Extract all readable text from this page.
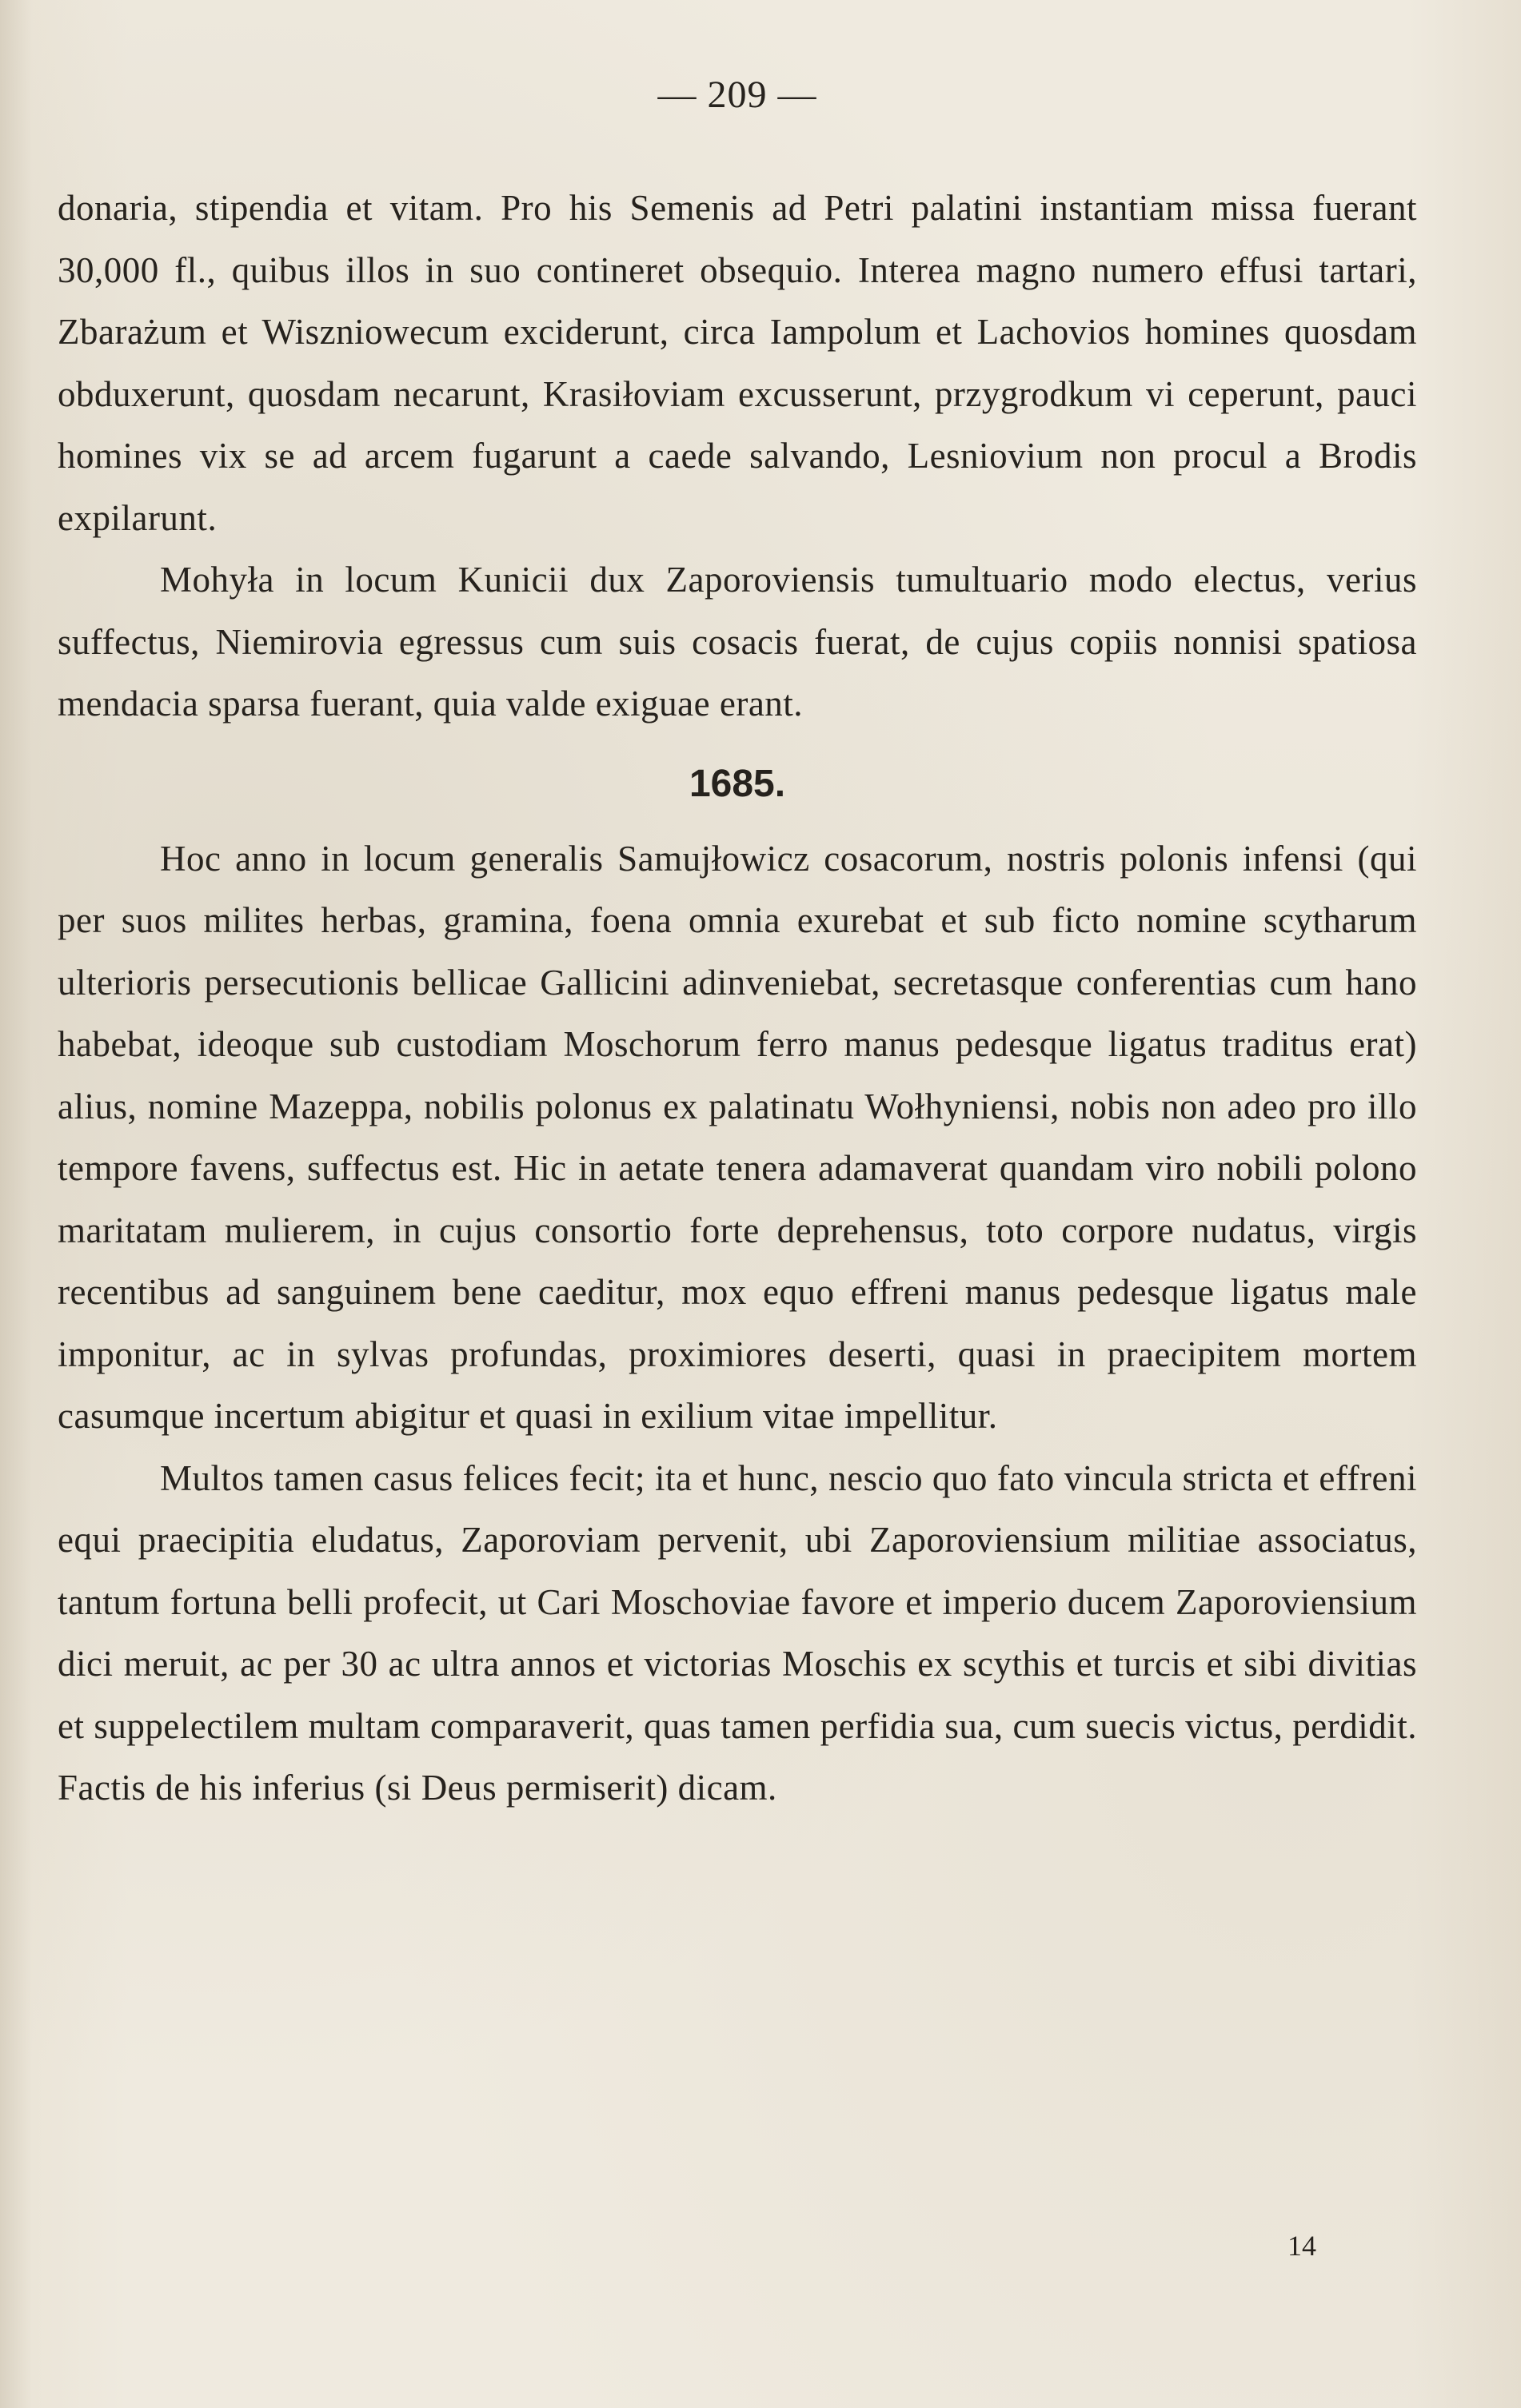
— 209 —

donaria, stipendia et vitam. Pro his Semenis ad Petri palatini instantiam missa fuerant 30,000 fl., quibus illos in suo contineret obsequio. Interea magno numero effusi tartari, Zbarażum et Wiszniowecum exciderunt, circa Iampolum et Lachovios homines quosdam obduxerunt, quosdam necarunt, Krasiłoviam excusserunt, przygrodkum vi ceperunt, pauci homines vix se ad arcem fugarunt a caede salvando, Lesniovium non procul a Brodis expilarunt.

Mohyła in locum Kunicii dux Zaporoviensis tumultuario modo electus, verius suffectus, Niemirovia egressus cum suis cosacis fuerat, de cujus copiis nonnisi spatiosa mendacia sparsa fuerant, quia valde exiguae erant.

1685.

Hoc anno in locum generalis Samujłowicz cosacorum, nostris polonis infensi (qui per suos milites herbas, gramina, foena omnia exurebat et sub ficto nomine scytharum ulterioris persecutionis bellicae Gallicini adinveniebat, secretasque conferentias cum hano habebat, ideoque sub custodiam Moschorum ferro manus pedesque ligatus traditus erat) alius, nomine Mazeppa, nobilis polonus ex palatinatu Wołhyniensi, nobis non adeo pro illo tempore favens, suffectus est. Hic in aetate tenera adamaverat quandam viro nobili polono maritatam mulierem, in cujus consortio forte deprehensus, toto corpore nudatus, virgis recentibus ad sanguinem bene caeditur, mox equo effreni manus pedesque ligatus male imponitur, ac in sylvas profundas, proximiores deserti, quasi in praecipitem mortem casumque incertum abigitur et quasi in exilium vitae impellitur.

Multos tamen casus felices fecit; ita et hunc, nescio quo fato vincula stricta et effreni equi praecipitia eludatus, Zaporoviam pervenit, ubi Zaporoviensium militiae associatus, tantum fortuna belli profecit, ut Cari Moschoviae favore et imperio ducem Zaporoviensium dici meruit, ac per 30 ac ultra annos et victorias Moschis ex scythis et turcis et sibi divitias et suppelectilem multam comparaverit, quas tamen perfidia sua, cum suecis victus, perdidit. Factis de his inferius (si Deus permiserit) dicam.

14
